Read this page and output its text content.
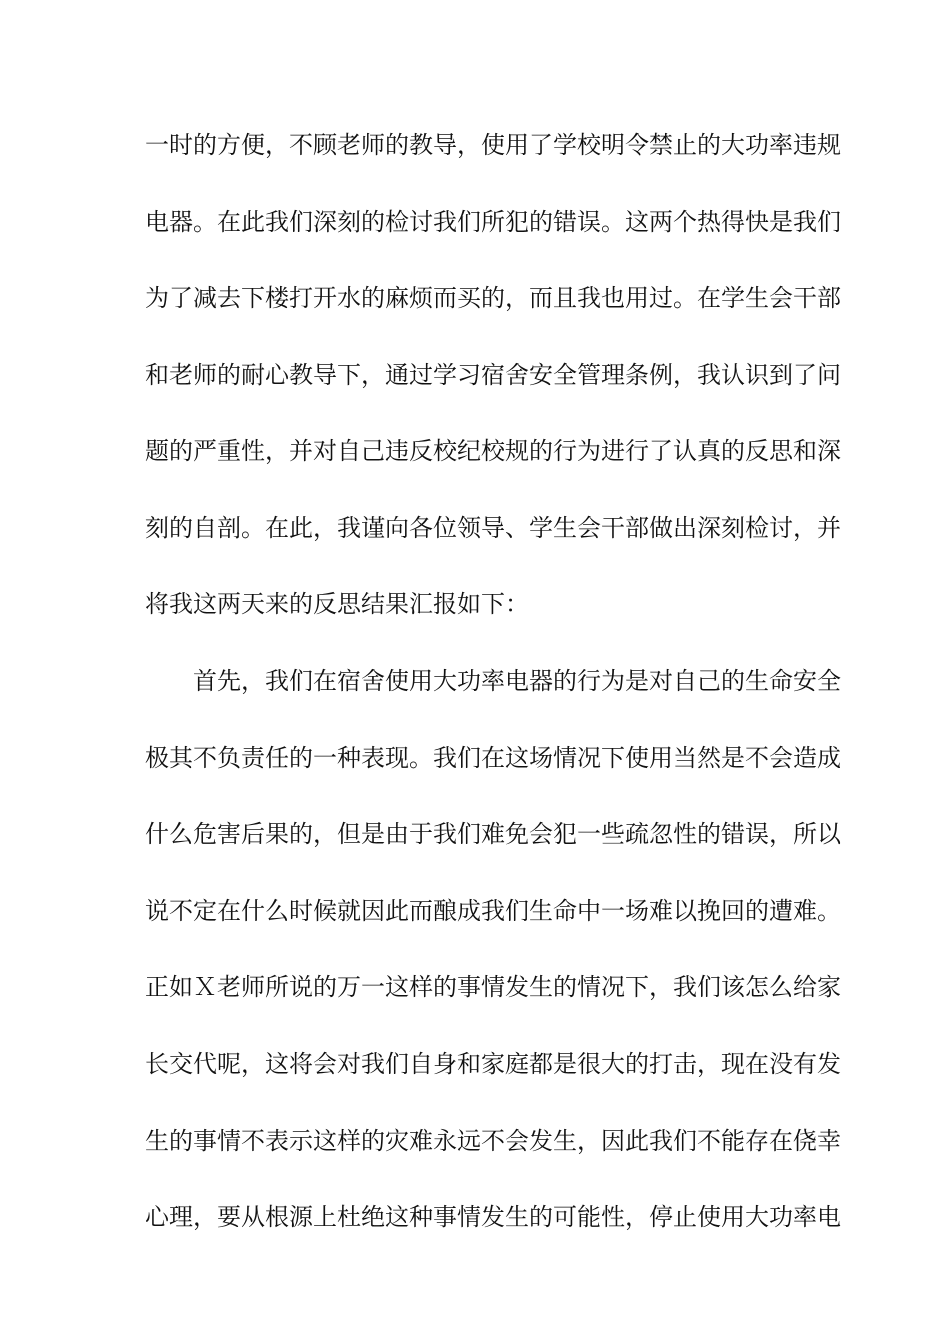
一时的方便，不顾老师的教导，使用了学校明令禁止的大功率违规
电器。在此我们深刻的检讨我们所犯的错误。这两个热得快是我们
为了减去下楼打开水的麻烦而买的，而且我也用过。在学生会干部
和老师的耐心教导下，通过学习宿舍安全管理条例，我认识到了问
题的严重性，并对自己违反校纪校规的行为进行了认真的反思和深
刻的自剖。在此，我谨向各位领导、学生会干部做出深刻检讨，并
将我这两天来的反思结果汇报如下：
首先，我们在宿舍使用大功率电器的行为是对自己的生命安全
极其不负责任的一种表现。我们在这场情况下使用当然是不会造成
什么危害后果的，但是由于我们难免会犯一些疏忽性的错误，所以
说不定在什么时候就因此而酿成我们生命中一场难以挽回的遭难。
正如Ｘ老师所说的万一这样的事情发生的情况下，我们该怎么给家
长交代呢，这将会对我们自身和家庭都是很大的打击，现在没有发
生的事情不表示这样的灾难永远不会发生，因此我们不能存在侥幸
心理，要从根源上杜绝这种事情发生的可能性，停止使用大功率电
